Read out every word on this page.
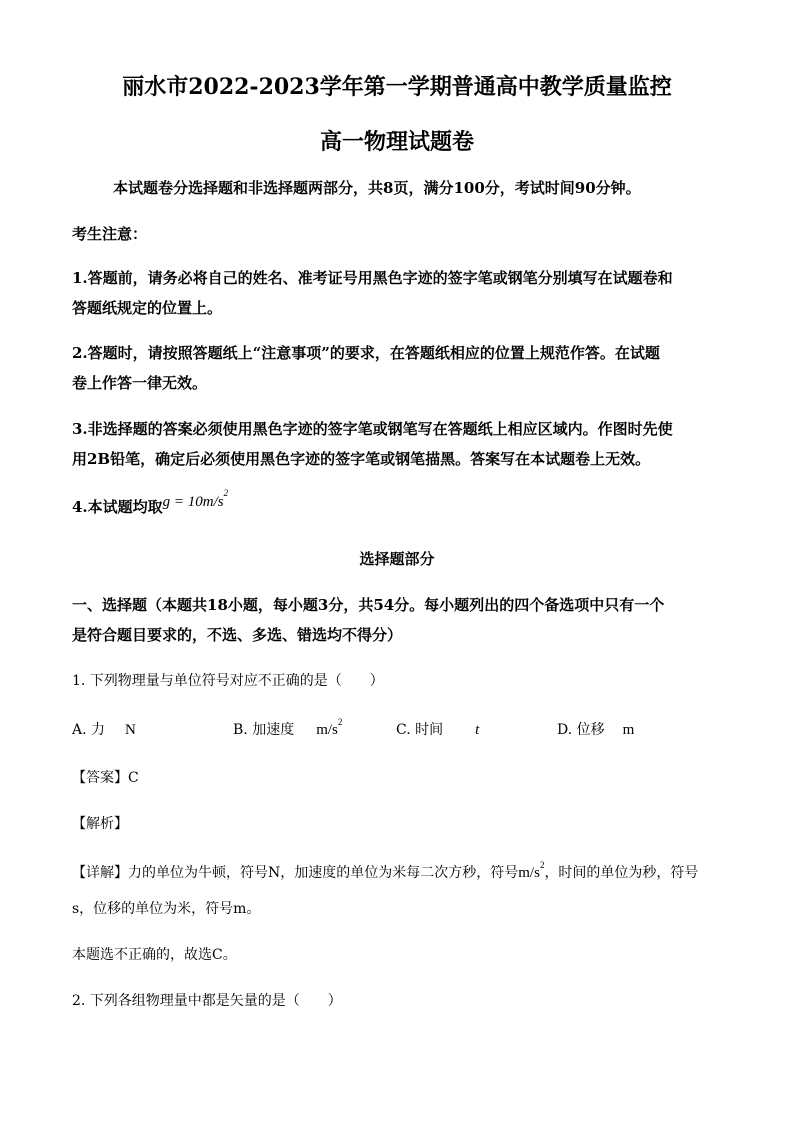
丽水市2022-2023学年第一学期普通高中教学质量监控
高一物理试题卷
本试题卷分选择题和非选择题两部分，共8页，满分100分，考试时间90分钟。
考生注意：
1.答题前，请务必将自己的姓名、准考证号用黑色字迹的签字笔或钢笔分别填写在试题卷和
答题纸规定的位置上。
2.答题时，请按照答题纸上“注意事项”的要求，在答题纸相应的位置上规范作答。在试题
卷上作答一律无效。
3.非选择题的答案必须使用黑色字迹的签字笔或钢笔写在答题纸上相应区域内。作图时先使
用2B铅笔，确定后必须使用黑色字迹的签字笔或钢笔描黑。答案写在本试题卷上无效。
4.本试题均取$g = 10m/s^2$
选择题部分
一、选择题（本题共18小题，每小题3分，共54分。每小题列出的四个备选项中只有一个
是符合题目要求的，不选、多选、错选均不得分）
1. 下列物理量与单位符号对应不正确的是（　　）
A. 力 N	B. 加速度 $m/s^2$	C. 时间 t	D. 位移 m
【答案】C
【解析】
【详解】力的单位为牛顿，符号N，加速度的单位为米每二次方秒，符号$m/s^2$，时间的单位为秒，符号
s，位移的单位为米，符号m。
本题选不正确的，故选C。
2. 下列各组物理量中都是矢量的是（　　）
